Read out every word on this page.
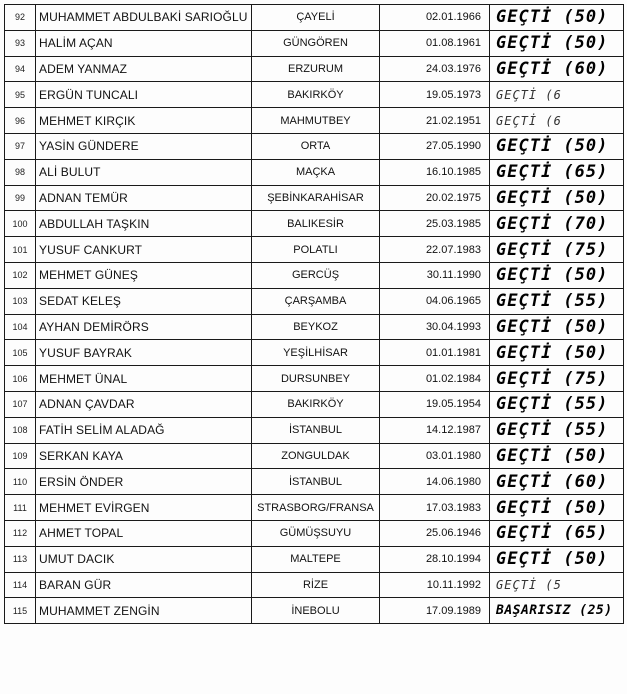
92	MUHAMMET ABDULBAKİ SARIOĞLU	ÇAYELİ	02.01.1966	GEÇTİ (50)
93	HALİM AÇAN	GÜNGÖREN	01.08.1961	GEÇTİ (50)
94	ADEM YANMAZ	ERZURUM	24.03.1976	GEÇTİ (60)
95	ERGÜN TUNCALI	BAKIRKÖY	19.05.1973	GEÇTİ (6
96	MEHMET KIRÇIK	MAHMUTBEY	21.02.1951	GEÇTİ (6
97	YASİN GÜNDERE	ORTA	27.05.1990	GEÇTİ (50)
98	ALİ BULUT	MAÇKA	16.10.1985	GEÇTİ (65)
99	ADNAN TEMÜR	ŞEBİNKARAHİSAR	20.02.1975	GEÇTİ (50)
100	ABDULLAH TAŞKIN	BALIKESİR	25.03.1985	GEÇTİ (70)
101	YUSUF CANKURT	POLATLI	22.07.1983	GEÇTİ (75)
102	MEHMET GÜNEŞ	GERCÜŞ	30.11.1990	GEÇTİ (50)
103	SEDAT KELEŞ	ÇARŞAMBA	04.06.1965	GEÇTİ (55)
104	AYHAN DEMİRÖRS	BEYKOZ	30.04.1993	GEÇTİ (50)
105	YUSUF BAYRAK	YEŞİLHİSAR	01.01.1981	GEÇTİ (50)
106	MEHMET ÜNAL	DURSUNBEY	01.02.1984	GEÇTİ (75)
107	ADNAN ÇAVDAR	BAKIRKÖY	19.05.1954	GEÇTİ (55)
108	FATİH SELİM ALADAĞ	İSTANBUL	14.12.1987	GEÇTİ (55)
109	SERKAN KAYA	ZONGULDAK	03.01.1980	GEÇTİ (50)
110	ERSİN ÖNDER	İSTANBUL	14.06.1980	GEÇTİ (60)
111	MEHMET EVİRGEN	STRASBORG/FRANSA	17.03.1983	GEÇTİ (50)
112	AHMET TOPAL	GÜMÜŞSUYU	25.06.1946	GEÇTİ (65)
113	UMUT DACIK	MALTEPE	28.10.1994	GEÇTİ (50)
114	BARAN GÜR	RİZE	10.11.1992	GEÇTİ (5
115	MUHAMMET ZENGİN	İNEBOLU	17.09.1989	BAŞARISIZ (25)
